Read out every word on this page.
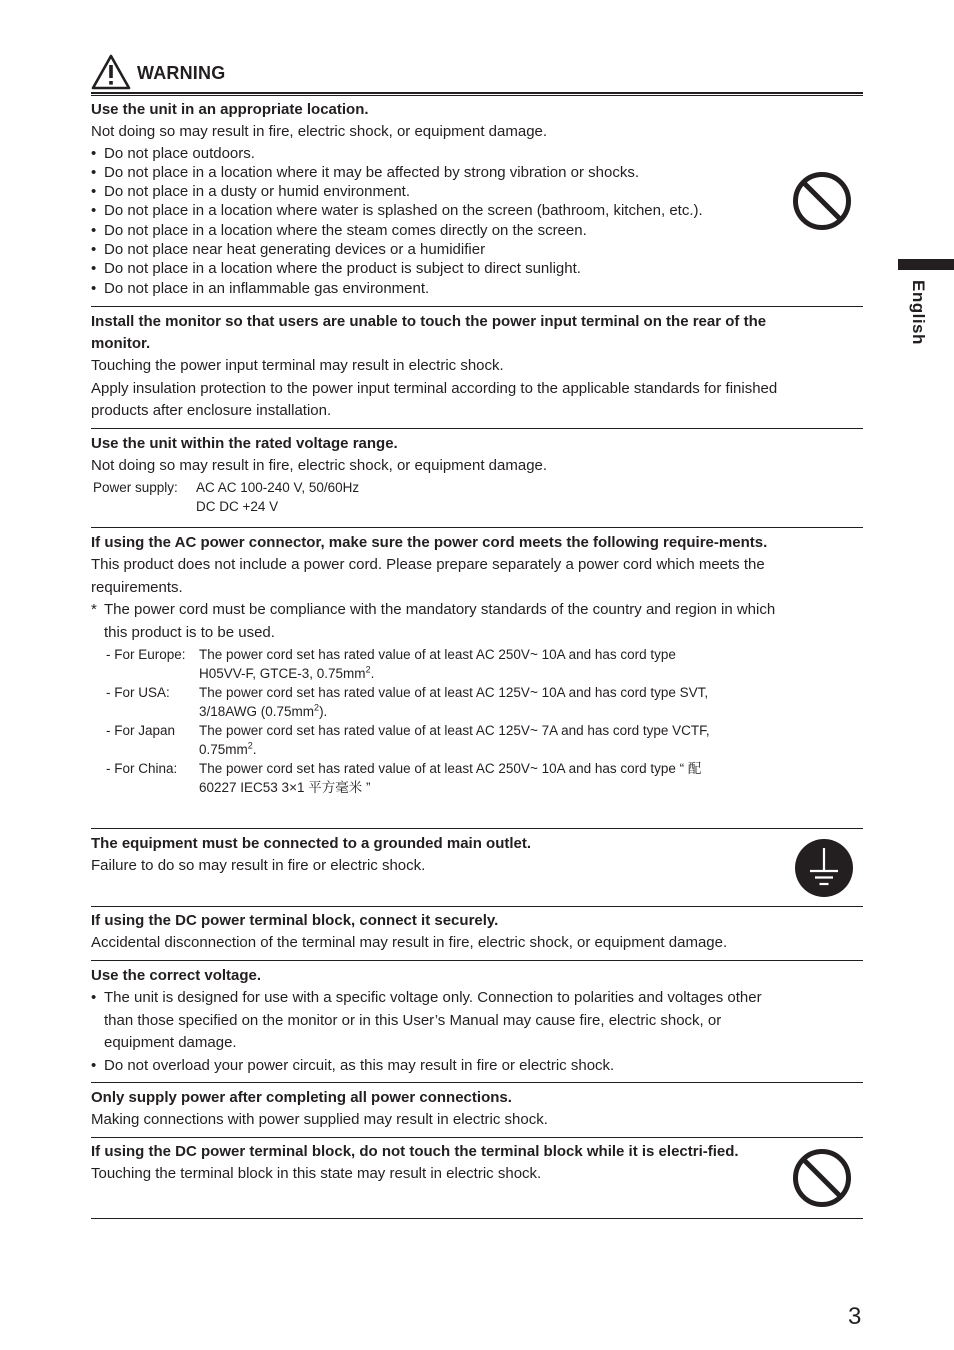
WARNING
Use the unit in an appropriate location.
Not doing so may result in fire, electric shock, or equipment damage.
• Do not place outdoors.
• Do not place in a location where it may be affected by strong vibration or shocks.
• Do not place in a dusty or humid environment.
• Do not place in a location where water is splashed on the screen (bathroom, kitchen, etc.).
• Do not place in a location where the steam comes directly on the screen.
• Do not place near heat generating devices or a humidifier
• Do not place in a location where the product is subject to direct sunlight.
• Do not place in an inflammable gas environment.
Install the monitor so that users are unable to touch the power input terminal on the rear of the monitor.
Touching the power input terminal may result in electric shock.
Apply insulation protection to the power input terminal according to the applicable standards for finished products after enclosure installation.
Use the unit within the rated voltage range.
Not doing so may result in fire, electric shock, or equipment damage.
Power supply:	AC AC 100-240 V, 50/60Hz
DC DC +24 V
If using the AC power connector, make sure the power cord meets the following require-ments.
This product does not include a power cord. Please prepare separately a power cord which meets the requirements.
* The power cord must be compliance with the mandatory standards of the country and region in which this product is to be used.
- For Europe: The power cord set has rated value of at least AC 250V~ 10A and has cord type
H05VV-F, GTCE-3, $0.75mm^2$.
- For USA:	The power cord set has rated value of at least AC 125V~ 10A and has cord type SVT,
3/18AWG $(0.75mm^2)$.
- For Japan	The power cord set has rated value of at least AC 125V~ 7A and has cord type VCTF,
$0.75mm^2$.
- For China:	The power cord set has rated value of at least AC 250V~ 10A and has cord type “ 配
60227 IEC53 3×1 平方毫米 ”
The equipment must be connected to a grounded main outlet.
Failure to do so may result in fire or electric shock.
If using the DC power terminal block, connect it securely.
Accidental disconnection of the terminal may result in fire, electric shock, or equipment damage.
Use the correct voltage.
• The unit is designed for use with a specific voltage only. Connection to polarities and voltages other than those specified on the monitor or in this User’s Manual may cause fire, electric shock, or equipment damage.
• Do not overload your power circuit, as this may result in fire or electric shock.
Only supply power after completing all power connections.
Making connections with power supplied may result in electric shock.
If using the DC power terminal block, do not touch the terminal block while it is electri-fied.
Touching the terminal block in this state may result in electric shock.
English
3
